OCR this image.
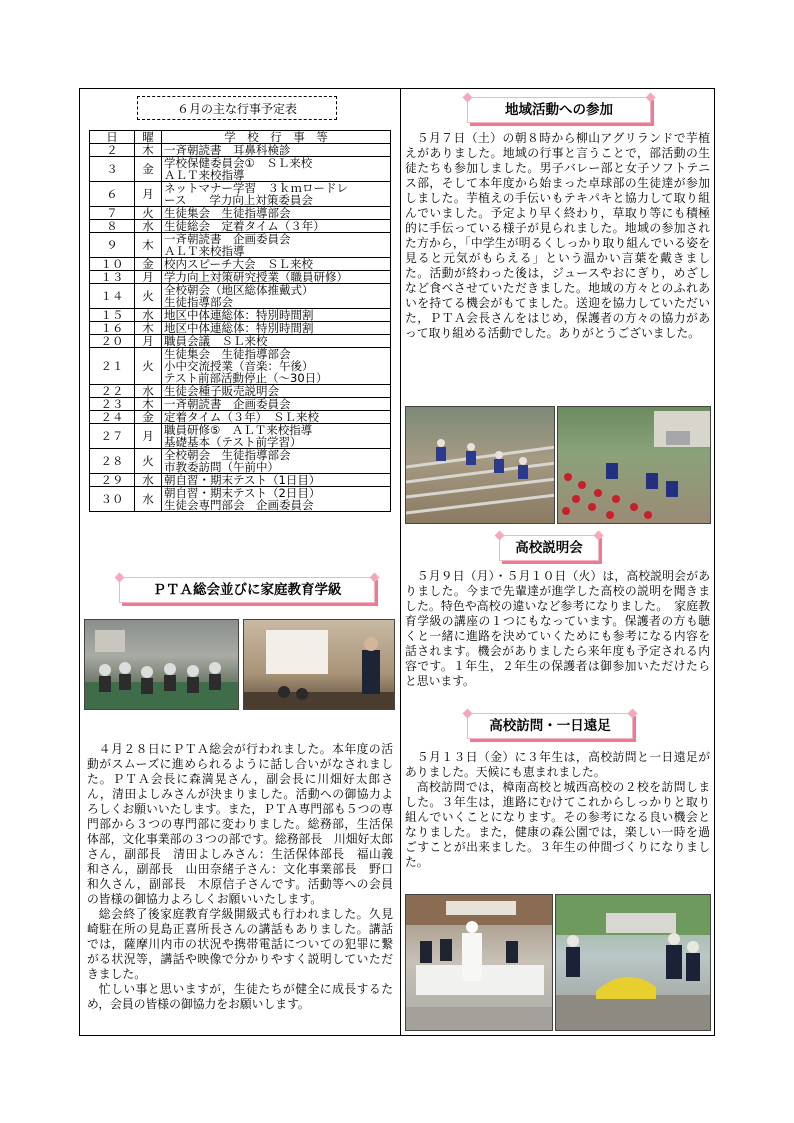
６月の主な行事予定表
日	曜	学　校　行　事　等
２	木	一斉朝読書　耳鼻科検診

３	金	学校保健委員会①　ＳＬ来校
ＡＬＴ来校指導

６	月	ネットマナー学習　３ｋｍロードレ
ース　　学力向上対策委員会

７	火	生徒集会　生徒指導部会

８	水	生徒総会　定着タイム（３年）

９	木	一斉朝読書　企画委員会
ＡＬＴ来校指導

１０	金	校内スピーチ大会　ＳＬ来校

１３	月	学力向上対策研究授業（職員研修）

１４	火	全校朝会（地区総体推戴式）
生徒指導部会

１５	水	地区中体連総体：特別時間割

１６	木	地区中体連総体：特別時間割

２０	月	職員会議　ＳＬ来校

２１	火	生徒集会　生徒指導部会
小中交流授業（音楽：午後）
テスト前部活動停止（～30日）

２２	水	生徒会種子販売説明会

２３	木	一斉朝読書　企画委員会

２４	金	定着タイム（３年）　ＳＬ来校

２７	月	職員研修⑤　ＡＬＴ来校指導
基礎基本（テスト前学習）

２８	火	全校朝会　生徒指導部会
市教委訪問（午前中）

２９	水	朝自習・期末テスト（1日目）

３０	水	朝自習・期末テスト（2日目）
生徒会専門部会　企画委員会
ＰＴＡ総会並びに家庭教育学級

４月２８日にＰＴＡ総会が行われました。本年度の活動がスムーズに進められるように話し合いがなされました。ＰＴＡ会長に森満晃さん，副会長に川畑好太郎さん，清田よしみさんが決まりました。活動への御協力よろしくお願いいたします。また，ＰＴＡ専門部も５つの専門部から３つの専門部に変わりました。総務部，生活保体部，文化事業部の３つの部です。総務部長　川畑好太郎さん，副部長　清田よしみさん：生活保体部長　福山義和さん，副部長　山田奈緒子さん：文化事業部長　野口和久さん，副部長　木原信子さんです。活動等への会員の皆様の御協力よろしくお願いいたします。

総会終了後家庭教育学級開級式も行われました。久見崎駐在所の見島正喜所長さんの講話もありました。講話では，薩摩川内市の状況や携帯電話についての犯罪に繋がる状況等，講話や映像で分かりやすく説明していただきました。

忙しい事と思いますが，生徒たちが健全に成長するため，会員の皆様の御協力をお願いします。

地域活動への参加

５月７日（土）の朝８時から柳山アグリランドで芋植えがありました。地域の行事と言うことで，部活動の生徒たちも参加しました。男子バレー部と女子ソフトテニス部，そして本年度から始まった卓球部の生徒達が参加しました。芋植えの手伝いもテキパキと協力して取り組んでいました。予定より早く終わり，草取り等にも積極的に手伝っている様子が見られました。地域の参加された方から，「中学生が明るくしっかり取り組んでいる姿を見ると元気がもらえる」という温かい言葉を戴きました。活動が終わった後は，ジュースやおにぎり，めざしなど食べさせていただきました。地域の方々とのふれあいを持てる機会がもてました。送迎を協力していただいた，ＰＴＡ会長さんをはじめ，保護者の方々の協力があって取り組める活動でした。ありがとうございました。

高校説明会

５月９日（月）・５月１０日（火）は，高校説明会がありました。今まで先輩達が進学した高校の説明を聞きました。特色や高校の違いなど参考になりました。　家庭教育学級の講座の１つにもなっています。保護者の方も聴くと一緒に進路を決めていくためにも参考になる内容を話されます。機会がありましたら来年度も予定される内容です。１年生，２年生の保護者は御参加いただけたらと思います。

高校訪問・一日遠足

５月１３日（金）に３年生は，高校訪問と一日遠足がありました。天候にも恵まれました。

高校訪問では，樟南高校と城西高校の２校を訪問しました。３年生は，進路にむけてこれからしっかりと取り組んでいくことになります。その参考になる良い機会となりました。また，健康の森公園では，楽しい一時を過ごすことが出来ました。３年生の仲間づくりになりました。
